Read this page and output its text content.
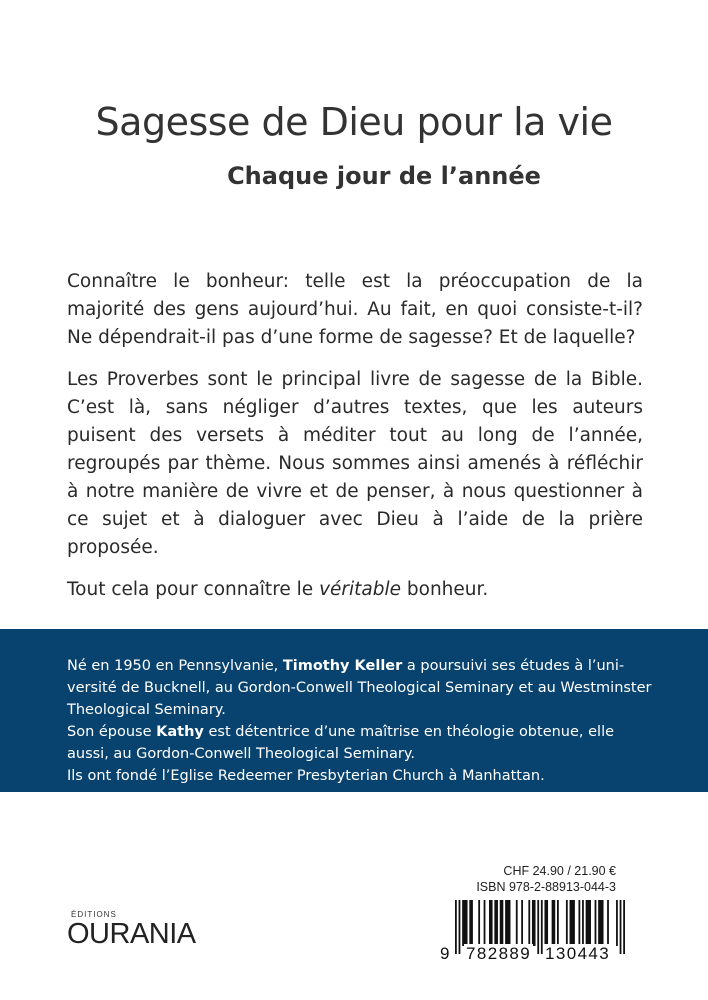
Sagesse de Dieu pour la vie
Chaque jour de l’année

Connaître le bonheur: telle est la préoccupation de la majorité des gens aujourd’hui. Au fait, en quoi consiste-t-il? Ne dépendrait-il pas d’une forme de sagesse? Et de laquelle?

Les Proverbes sont le principal livre de sagesse de la Bible. C’est là, sans négliger d’autres textes, que les auteurs puisent des versets à méditer tout au long de l’année, regroupés par thème. Nous sommes ainsi amenés à réfléchir à notre manière de vivre et de penser, à nous questionner à ce sujet et à dialoguer avec Dieu à l’aide de la prière proposée.

Tout cela pour connaître le véritable bonheur.

Né en 1950 en Pennsylvanie, Timothy Keller a poursuivi ses études à l’université de Bucknell, au Gordon-Conwell Theological Seminary et au Westminster Theological Seminary.

Son épouse Kathy est détentrice d’une maîtrise en théologie obtenue, elle aussi, au Gordon-Conwell Theological Seminary.

Ils ont fondé l’Eglise Redeemer Presbyterian Church à Manhattan.

ÉDITIONS
OURANIA
CHF 24.90 / 21.90 €
ISBN 978-2-88913-044-3
9 782889 130443
